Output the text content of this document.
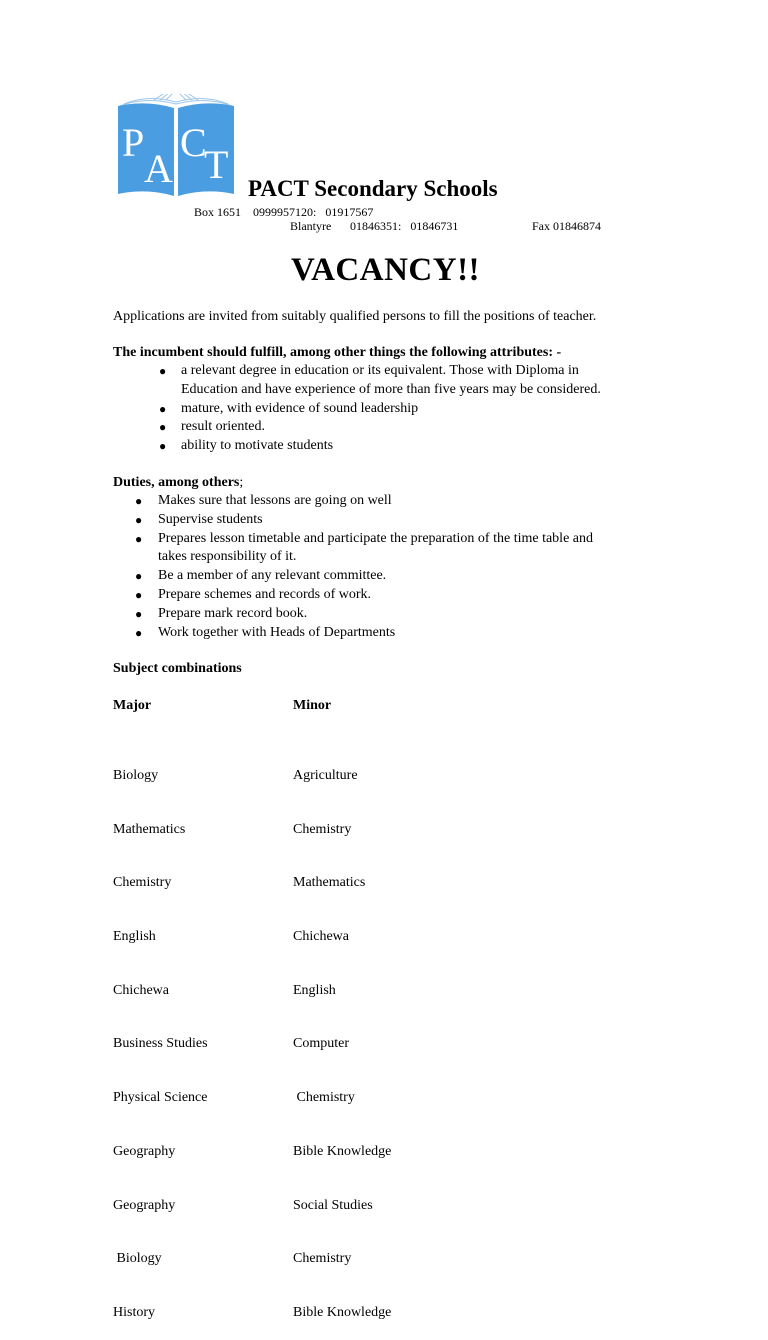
P
A
C
T
PACT Secondary Schools
Box 1651    0999957120:   01917567
Blantyre 01846351:   01846731	Fax 01846874
VACANCY!!
Applications are invited from suitably qualified persons to fill the positions of teacher.
The incumbent should fulfill, among other things the following attributes: -
● a relevant degree in education or its equivalent. Those with Diploma in
Education and have experience of more than five years may be considered.
● mature, with evidence of sound leadership
● result oriented.
● ability to motivate students
Duties, among others;
● Makes sure that lessons are going on well
● Supervise students
● Prepares lesson timetable and participate the preparation of the time table and
takes responsibility of it.
● Be a member of any relevant committee.
● Prepare schemes and records of work.
● Prepare mark record book.
● Work together with Heads of Departments
Subject combinations
Major	Minor

Biology

Mathematics

Chemistry

English

Chichewa

Business Studies

Physical Science

Geography

Geography

Biology

History

Agriculture

Chemistry

Mathematics

Chichewa

English

Computer

Chemistry

Bible Knowledge

Social Studies

Chemistry

Bible Knowledge
